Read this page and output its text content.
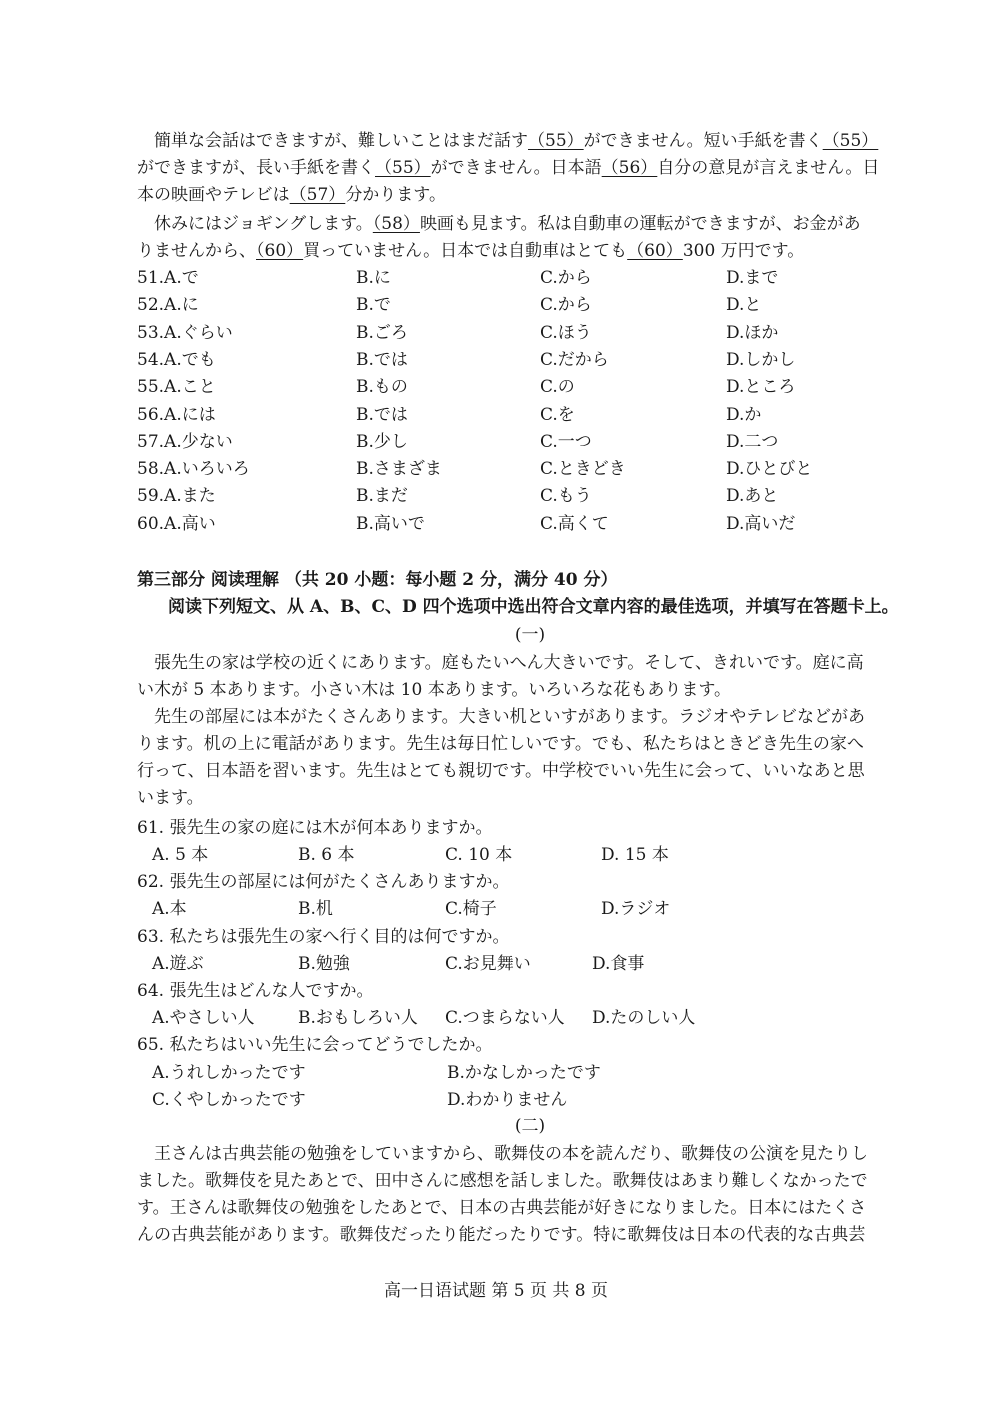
簡単な会話はできますが、難しいことはまだ話す（55）ができません。短い手紙を書く（55）
ができますが、長い手紙を書く（55）ができません。日本語（56）自分の意見が言えません。日
本の映画やテレビは（57）分かります。
休みにはジョギングします。（58）映画も見ます。私は自動車の運転ができますが、お金があ
りませんから、（60）買っていません。日本では自動車はとても（60）300 万円です。
51.A.で	B.に	C.から	D.まで
52.A.に	B.で	C.から	D.と
53.A.ぐらい	B.ごろ	C.ほう	D.ほか
54.A.でも	B.では	C.だから	D.しかし
55.A.こと	B.もの	C.の	D.ところ
56.A.には	B.では	C.を	D.か
57.A.少ない	B.少し	C.一つ	D.二つ
58.A.いろいろ	B.さまざま	C.ときどき	D.ひとびと
59.A.また	B.まだ	C.もう	D.あと
60.A.高い	B.高いで	C.高くて	D.高いだ
第三部分 阅读理解 （共 20 小题：每小题 2 分，满分 40 分）
阅读下列短文、从 A、B、C、D 四个选项中选出符合文章内容的最佳选项，并填写在答题卡上。
(一)
張先生の家は学校の近くにあります。庭もたいへん大きいです。そして、きれいです。庭に高
い木が 5 本あります。小さい木は 10 本あります。いろいろな花もあります。
先生の部屋には本がたくさんあります。大きい机といすがあります。ラジオやテレビなどがあ
ります。机の上に電話があります。先生は毎日忙しいです。でも、私たちはときどき先生の家へ
行って、日本語を習います。先生はとても親切です。中学校でいい先生に会って、いいなあと思
います。
61. 張先生の家の庭には木が何本ありますか。
A. 5 本	B. 6 本	C. 10 本	D. 15 本
62. 張先生の部屋には何がたくさんありますか。
A.本	B.机	C.椅子	D.ラジオ
63. 私たちは張先生の家へ行く目的は何ですか。
A.遊ぶ	B.勉強	C.お見舞い	D.食事
64. 張先生はどんな人ですか。
A.やさしい人	B.おもしろい人 C.つまらない人 D.たのしい人
65. 私たちはいい先生に会ってどうでしたか。
A.うれしかったです	B.かなしかったです
C.くやしかったです	D.わかりません
(二)
王さんは古典芸能の勉強をしていますから、歌舞伎の本を読んだり、歌舞伎の公演を見たりし
ました。歌舞伎を見たあとで、田中さんに感想を話しました。歌舞伎はあまり難しくなかったで
す。王さんは歌舞伎の勉強をしたあとで、日本の古典芸能が好きになりました。日本にはたくさ
んの古典芸能があります。歌舞伎だったり能だったりです。特に歌舞伎は日本の代表的な古典芸
高一日语试题 第 5 页 共 8 页
